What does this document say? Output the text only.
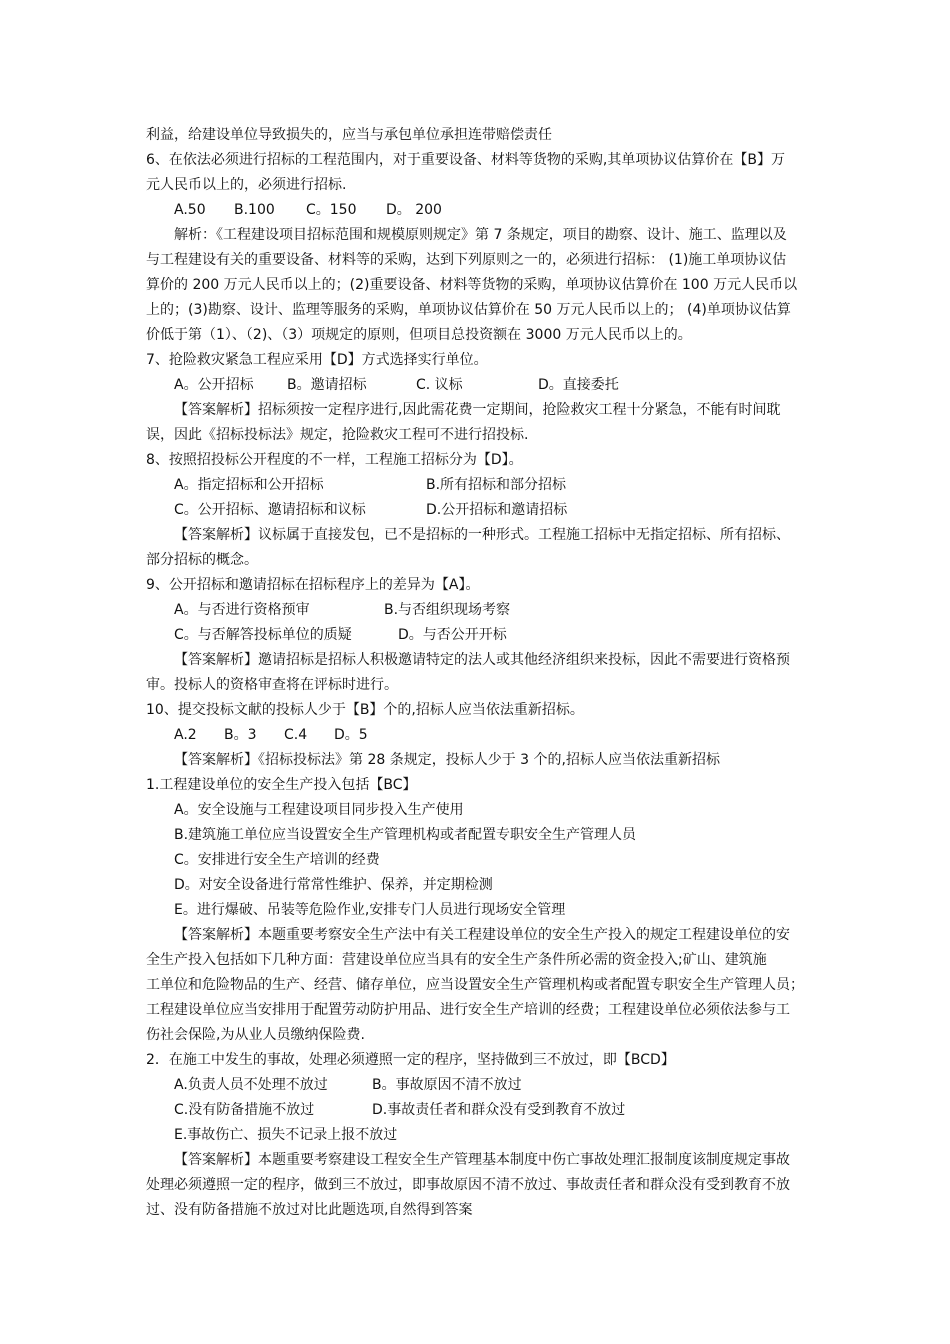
利益，给建设单位导致损失的，应当与承包单位承担连带赔偿责任
6、在依法必须进行招标的工程范围内，对于重要设备、材料等货物的采购,其单项协议估算价在【B】万
元人民币以上的，必须进行招标.
A.50 B.100 C。150 D。 200
解析：《工程建设项目招标范围和规模原则规定》第 7 条规定，项目的勘察、设计、施工、监理以及
与工程建设有关的重要设备、材料等的采购，达到下列原则之一的，必须进行招标： (1)施工单项协议估
算价的 200 万元人民币以上的；(2)重要设备、材料等货物的采购，单项协议估算价在 100 万元人民币以
上的；(3)勘察、设计、监理等服务的采购，单项协议估算价在 50 万元人民币以上的； (4)单项协议估算
价低于第（1）、（2)、（3）项规定的原则，但项目总投资额在 3000 万元人民币以上的。
7、抢险救灾紧急工程应采用【D】方式选择实行单位。
A。公开招标 B。邀请招标	C. 议标	D。直接委托
【答案解析】招标须按一定程序进行,因此需花费一定期间，抢险救灾工程十分紧急，不能有时间耽
误，因此《招标投标法》规定，抢险救灾工程可不进行招投标.
8、按照招投标公开程度的不一样，工程施工招标分为【D】。
A。指定招标和公开招标	B.所有招标和部分招标
C。公开招标、邀请招标和议标	D.公开招标和邀请招标
【答案解析】议标属于直接发包，已不是招标的一种形式。工程施工招标中无指定招标、所有招标、
部分招标的概念。
9、公开招标和邀请招标在招标程序上的差异为【A】。
A。与否进行资格预审	B.与否组织现场考察
C。与否解答投标单位的质疑	D。与否公开开标
【答案解析】邀请招标是招标人积极邀请特定的法人或其他经济组织来投标，因此不需要进行资格预
审。投标人的资格审查将在评标时进行。
10、提交投标文献的投标人少于【B】个的,招标人应当依法重新招标。
A.2 B。3 C.4 D。5
【答案解析】《招标投标法》第 28 条规定，投标人少于 3 个的,招标人应当依法重新招标
1.工程建设单位的安全生产投入包括【BC】
A。安全设施与工程建设项目同步投入生产使用
B.建筑施工单位应当设置安全生产管理机构或者配置专职安全生产管理人员
C。安排进行安全生产培训的经费
D。对安全设备进行常常性维护、保养，并定期检测
E。进行爆破、吊装等危险作业,安排专门人员进行现场安全管理
【答案解析】本题重要考察安全生产法中有关工程建设单位的安全生产投入的规定工程建设单位的安
全生产投入包括如下几种方面：营建设单位应当具有的安全生产条件所必需的资金投入;矿山、建筑施
工单位和危险物品的生产、经营、储存单位，应当设置安全生产管理机构或者配置专职安全生产管理人员；
工程建设单位应当安排用于配置劳动防护用品、进行安全生产培训的经费；工程建设单位必须依法参与工
伤社会保险,为从业人员缴纳保险费.
2．在施工中发生的事故，处理必须遵照一定的程序，坚持做到三不放过，即【BCD】
A.负责人员不处理不放过	B。事故原因不清不放过
C.没有防备措施不放过	D.事故责任者和群众没有受到教育不放过
E.事故伤亡、损失不记录上报不放过
【答案解析】本题重要考察建设工程安全生产管理基本制度中伤亡事故处理汇报制度该制度规定事故
处理必须遵照一定的程序，做到三不放过，即事故原因不清不放过、事故责任者和群众没有受到教育不放
过、没有防备措施不放过对比此题选项,自然得到答案
